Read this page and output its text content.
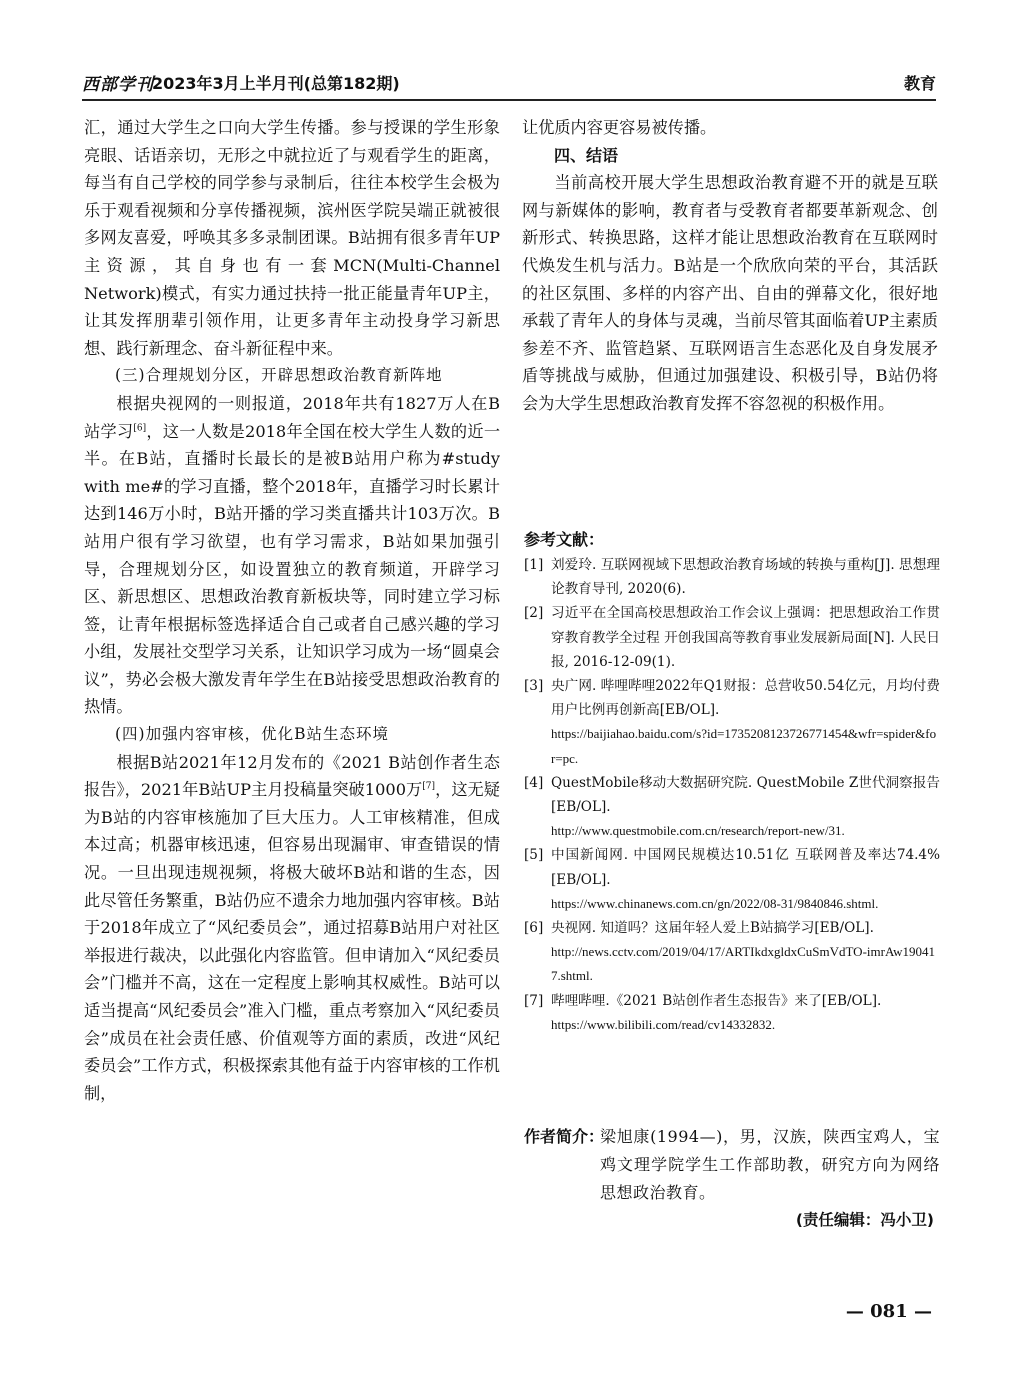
西部学刊
2023年3月上半月刊(总第182期)	教育

汇，通过大学生之口向大学生传播。参与授课的学生形象亮眼、话语亲切，无形之中就拉近了与观看学生的距离，每当有自己学校的同学参与录制后，往往本校学生会极为乐于观看视频和分享传播视频，滨州医学院吴端正就被很多网友喜爱，呼唤其多多录制团课。B站拥有很多青年UP主资源，其自身也有一套MCN(Multi-Channel Network)模式，有实力通过扶持一批正能量青年UP主，让其发挥朋辈引领作用，让更多青年主动投身学习新思想、践行新理念、奋斗新征程中来。

(三)合理规划分区，开辟思想政治教育新阵地

根据央视网的一则报道，2018年共有1827万人在B站学习[6]，这一人数是2018年全国在校大学生人数的近一半。在B站，直播时长最长的是被B站用户称为#study with me#的学习直播，整个2018年，直播学习时长累计达到146万小时，B站开播的学习类直播共计103万次。B站用户很有学习欲望，也有学习需求，B站如果加强引导，合理规划分区，如设置独立的教育频道，开辟学习区、新思想区、思想政治教育新板块等，同时建立学习标签，让青年根据标签选择适合自己或者自己感兴趣的学习小组，发展社交型学习关系，让知识学习成为一场“圆桌会议”，势必会极大激发青年学生在B站接受思想政治教育的热情。

(四)加强内容审核，优化B站生态环境

根据B站2021年12月发布的《2021 B站创作者生态报告》，2021年B站UP主月投稿量突破1000万[7]，这无疑为B站的内容审核施加了巨大压力。人工审核精准，但成本过高；机器审核迅速，但容易出现漏审、审查错误的情况。一旦出现违规视频，将极大破坏B站和谐的生态，因此尽管任务繁重，B站仍应不遗余力地加强内容审核。B站于2018年成立了“风纪委员会”，通过招募B站用户对社区举报进行裁决，以此强化内容监管。但申请加入“风纪委员会”门槛并不高，这在一定程度上影响其权威性。B站可以适当提高“风纪委员会”准入门槛，重点考察加入“风纪委员会”成员在社会责任感、价值观等方面的素质，改进“风纪委员会”工作方式，积极探索其他有益于内容审核的工作机制，

让优质内容更容易被传播。

四、结语

当前高校开展大学生思想政治教育避不开的就是互联网与新媒体的影响，教育者与受教育者都要革新观念、创新形式、转换思路，这样才能让思想政治教育在互联网时代焕发生机与活力。B站是一个欣欣向荣的平台，其活跃的社区氛围、多样的内容产出、自由的弹幕文化，很好地承载了青年人的身体与灵魂，当前尽管其面临着UP主素质参差不齐、监管趋紧、互联网语言生态恶化及自身发展矛盾等挑战与威胁，但通过加强建设、积极引导，B站仍将会为大学生思想政治教育发挥不容忽视的积极作用。

参考文献：
[1] 刘爱玲. 互联网视域下思想政治教育场域的转换与重构[J]. 思想理论教育导刊, 2020(6).
[2] 习近平在全国高校思想政治工作会议上强调：把思想政治工作贯穿教育教学全过程 开创我国高等教育事业发展新局面[N]. 人民日报, 2016-12-09(1).
[3] 央广网. 哔哩哔哩2022年Q1财报：总营收50.54亿元，月均付费用户比例再创新高[EB/OL].
https://baijiahao.baidu.com/s?id=1735208123726771454&wfr=spider&for=pc.
[4] QuestMobile移动大数据研究院. QuestMobile Z世代洞察报告[EB/OL].
http://www.questmobile.com.cn/research/report-new/31.
[5] 中国新闻网. 中国网民规模达10.51亿 互联网普及率达74.4%[EB/OL].
https://www.chinanews.com.cn/gn/2022/08-31/9840846.shtml.
[6] 央视网. 知道吗？这届年轻人爱上B站搞学习[EB/OL].
http://news.cctv.com/2019/04/17/ARTIkdxgldxCuSmVdTO-imrAw190417.shtml.
[7] 哔哩哔哩.《2021 B站创作者生态报告》来了[EB/OL].
https://www.bilibili.com/read/cv14332832.
作者简介：
梁旭康(1994—)，男，汉族，陕西宝鸡人，宝鸡文理学院学生工作部助教，研究方向为网络思想政治教育。
(责任编辑：冯小卫)
— 081 —
